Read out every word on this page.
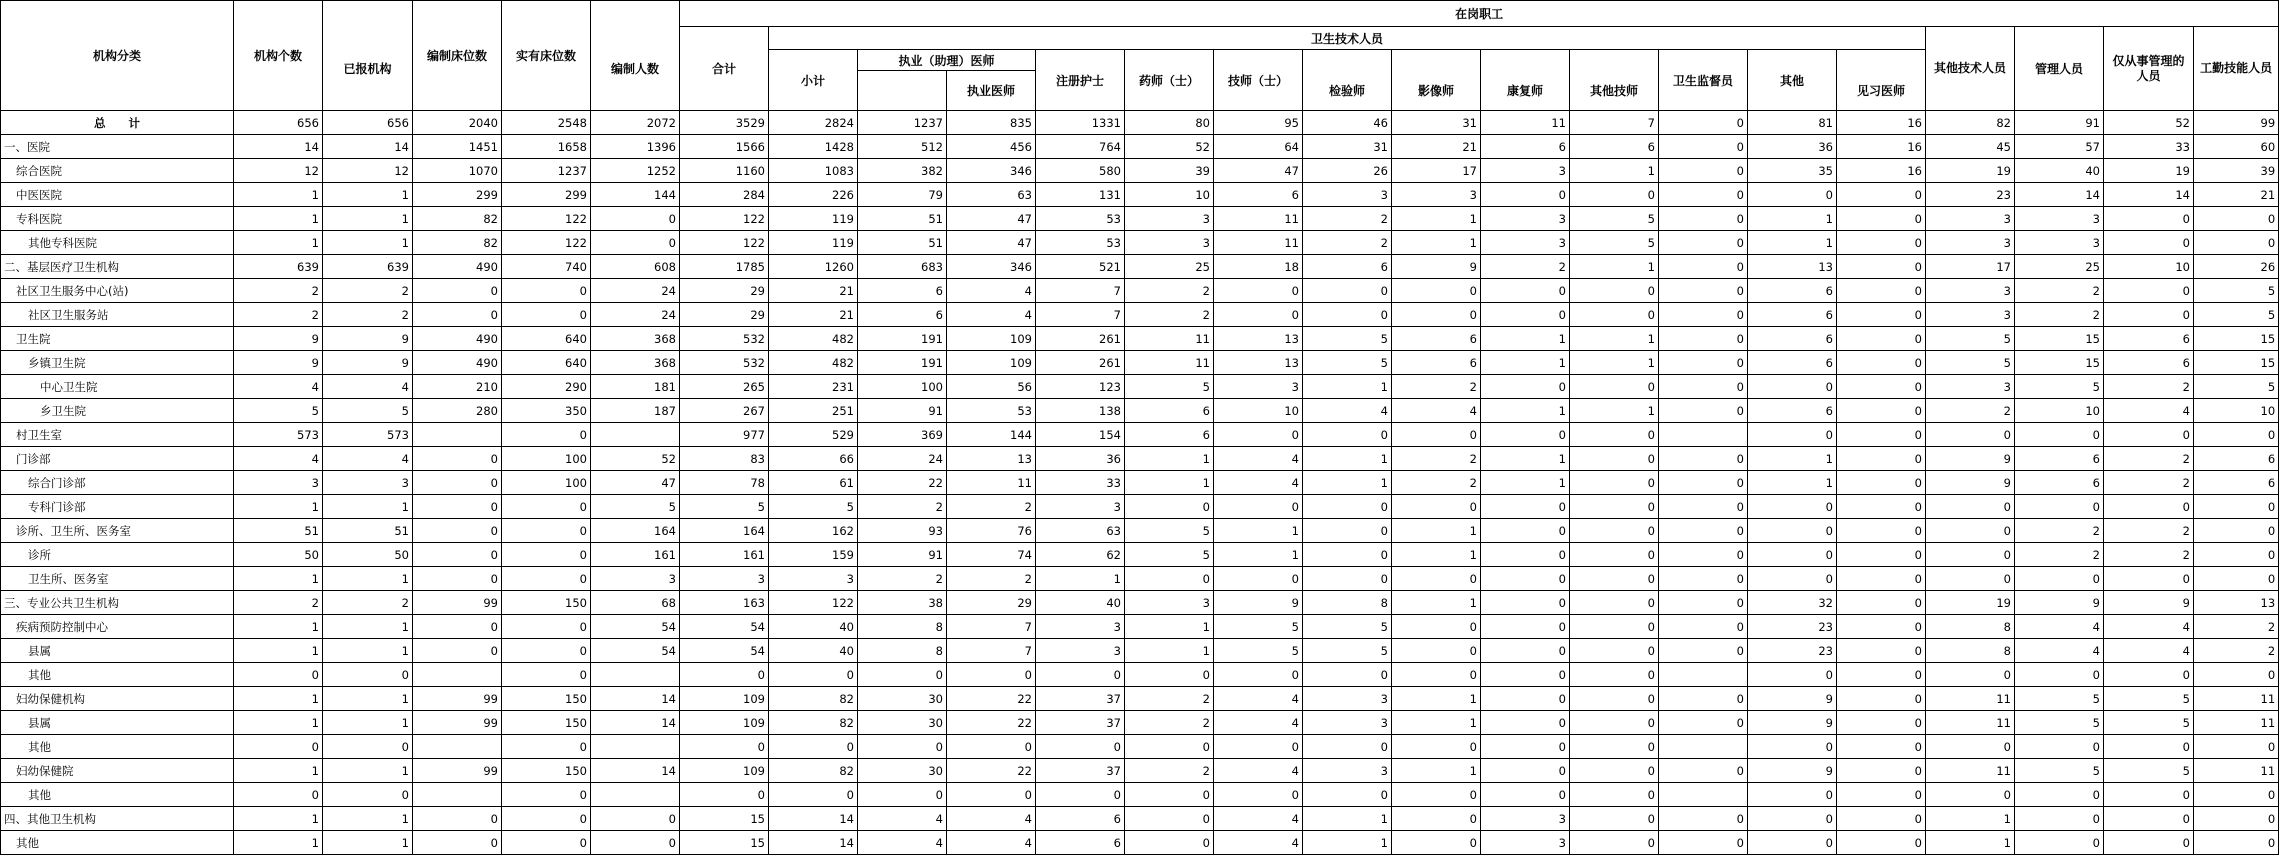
机构分类	机构个数		编制床位数	实有床位数		在岗职工																	
		已报机构			编制人数	合计	卫生技术人员													其他技术人员	管理人员	仅从事管理的人员	工勤技能人员
							小计	执业（助理）医师		注册护士	药师（士）	技师（士）					卫生监督员	其他					
									执业医师				检验师	影像师	康复师	其他技师			见习医师				
总　　计	656	656	2040	2548	2072	3529	2824	1237	835	1331	80	95	46	31	11	7	0	81	16	82	91	52	99
一、医院	14	14	1451	1658	1396	1566	1428	512	456	764	52	64	31	21	6	6	0	36	16	45	57	33	60
综合医院	12	12	1070	1237	1252	1160	1083	382	346	580	39	47	26	17	3	1	0	35	16	19	40	19	39
中医医院	1	1	299	299	144	284	226	79	63	131	10	6	3	3	0	0	0	0	0	23	14	14	21
专科医院	1	1	82	122	0	122	119	51	47	53	3	11	2	1	3	5	0	1	0	3	3	0	0
其他专科医院	1	1	82	122	0	122	119	51	47	53	3	11	2	1	3	5	0	1	0	3	3	0	0
二、基层医疗卫生机构	639	639	490	740	608	1785	1260	683	346	521	25	18	6	9	2	1	0	13	0	17	25	10	26
社区卫生服务中心(站)	2	2	0	0	24	29	21	6	4	7	2	0	0	0	0	0	0	6	0	3	2	0	5
社区卫生服务站	2	2	0	0	24	29	21	6	4	7	2	0	0	0	0	0	0	6	0	3	2	0	5
卫生院	9	9	490	640	368	532	482	191	109	261	11	13	5	6	1	1	0	6	0	5	15	6	15
乡镇卫生院	9	9	490	640	368	532	482	191	109	261	11	13	5	6	1	1	0	6	0	5	15	6	15
中心卫生院	4	4	210	290	181	265	231	100	56	123	5	3	1	2	0	0	0	0	0	3	5	2	5
乡卫生院	5	5	280	350	187	267	251	91	53	138	6	10	4	4	1	1	0	6	0	2	10	4	10
村卫生室	573	573		0		977	529	369	144	154	6	0	0	0	0	0		0	0	0	0	0	0
门诊部	4	4	0	100	52	83	66	24	13	36	1	4	1	2	1	0	0	1	0	9	6	2	6
综合门诊部	3	3	0	100	47	78	61	22	11	33	1	4	1	2	1	0	0	1	0	9	6	2	6
专科门诊部	1	1	0	0	5	5	5	2	2	3	0	0	0	0	0	0	0	0	0	0	0	0	0
诊所、卫生所、医务室	51	51	0	0	164	164	162	93	76	63	5	1	0	1	0	0	0	0	0	0	2	2	0
诊所	50	50	0	0	161	161	159	91	74	62	5	1	0	1	0	0	0	0	0	0	2	2	0
卫生所、医务室	1	1	0	0	3	3	3	2	2	1	0	0	0	0	0	0	0	0	0	0	0	0	0
三、专业公共卫生机构	2	2	99	150	68	163	122	38	29	40	3	9	8	1	0	0	0	32	0	19	9	9	13
疾病预防控制中心	1	1	0	0	54	54	40	8	7	3	1	5	5	0	0	0	0	23	0	8	4	4	2
县属	1	1	0	0	54	54	40	8	7	3	1	5	5	0	0	0	0	23	0	8	4	4	2
其他	0	0		0		0	0	0	0	0	0	0	0	0	0	0		0	0	0	0	0	0
妇幼保健机构	1	1	99	150	14	109	82	30	22	37	2	4	3	1	0	0	0	9	0	11	5	5	11
县属	1	1	99	150	14	109	82	30	22	37	2	4	3	1	0	0	0	9	0	11	5	5	11
其他	0	0		0		0	0	0	0	0	0	0	0	0	0	0		0	0	0	0	0	0
妇幼保健院	1	1	99	150	14	109	82	30	22	37	2	4	3	1	0	0	0	9	0	11	5	5	11
其他	0	0		0		0	0	0	0	0	0	0	0	0	0	0		0	0	0	0	0	0
四、其他卫生机构	1	1	0	0	0	15	14	4	4	6	0	4	1	0	3	0	0	0	0	1	0	0	0
其他	1	1	0	0	0	15	14	4	4	6	0	4	1	0	3	0	0	0	0	1	0	0	0
